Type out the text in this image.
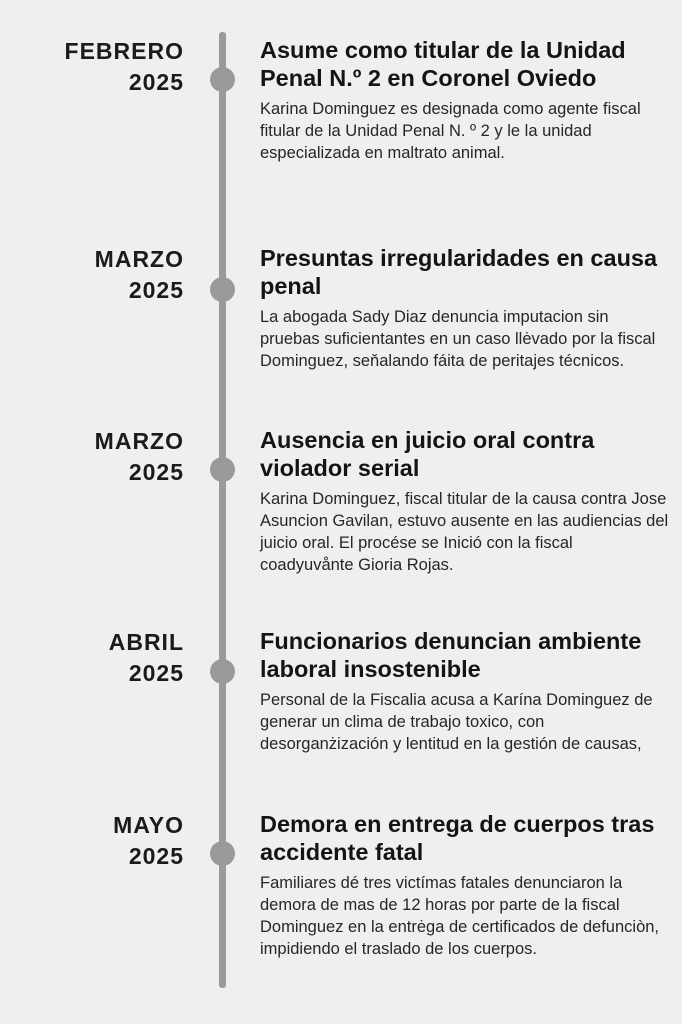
FEBRERO
2025
Asume como titular de la Unidad Penal N.º 2 en Coronel Oviedo

Karina Dominguez es designada como agente fiscal fitular de la Unidad Penal N. º 2 y le la unidad especializada en maltrato animal.

MARZO
2025
Presuntas irregularidades en causa penal

La abogada Sady Diaz denuncia imputacion sin pruebas suficientantes en un caso llėvado por la fiscal Dominguez, seňalando fáita de peritajes técnicos.

MARZO
2025
Ausencia en juicio oral contra violador serial

Karina Dominguez, fiscal titular de la causa contra Jose Asuncion Gavilan, estuvo ausente en las audiencias del juicio oral. El procése se Inició con la fiscal coadyuvånte Gioria Rojas.

ABRIL
2025
Funcionarios denuncian ambiente laboral insostenible

Personal de la Fiscalia acusa a Karína Dominguez de generar un clima de trabajo toxico, con desorganżización y lentitud en la gestión de causas,

MAYO
2025
Demora en entrega de cuerpos tras accidente fatal

Familiares dé tres victímas fatales denunciaron la demora de mas de 12 horas por parte de la fiscal Dominguez en la entrėga de certificados de defunciòn, impidiendo el traslado de los cuerpos.
